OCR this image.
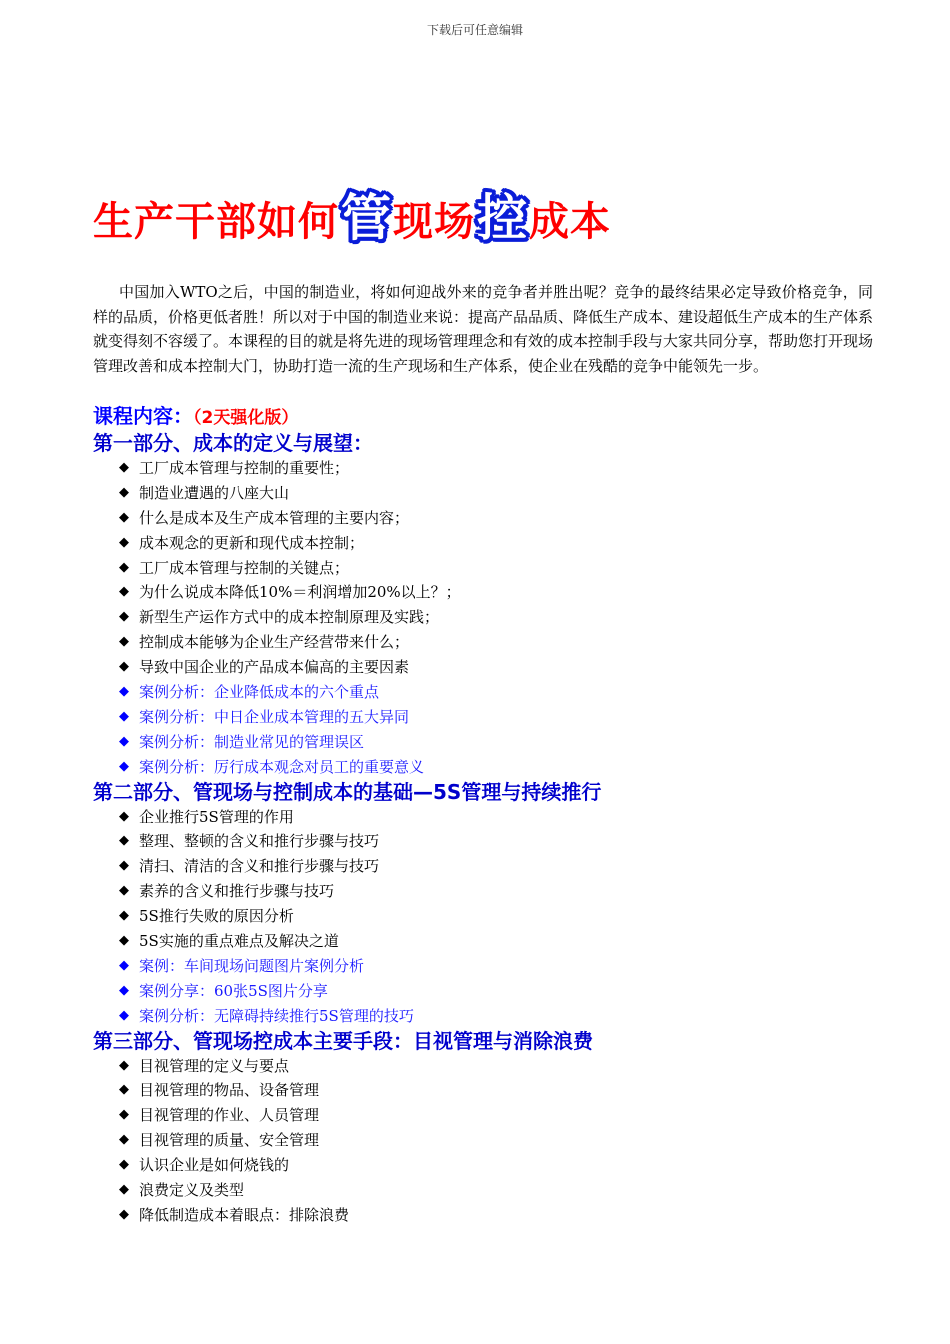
下载后可任意编辑
生产干部如何 管 现场 控 成本

中国加入WTO之后，中国的制造业，将如何迎战外来的竞争者并胜出呢？竞争的最终结果必定导致价格竞争，同样的品质，价格更低者胜！所以对于中国的制造业来说：提高产品品质、降低生产成本、建设超低生产成本的生产体系就变得刻不容缓了。本课程的目的就是将先进的现场管理理念和有效的成本控制手段与大家共同分享，帮助您打开现场管理改善和成本控制大门，协助打造一流的生产现场和生产体系，使企业在残酷的竞争中能领先一步。

课程内容：（2天强化版）
第一部分、成本的定义与展望：
◆ 工厂成本管理与控制的重要性；
◆ 制造业遭遇的八座大山
◆ 什么是成本及生产成本管理的主要内容；
◆ 成本观念的更新和现代成本控制；
◆ 工厂成本管理与控制的关键点；
◆ 为什么说成本降低10%＝利润增加20%以上？；
◆ 新型生产运作方式中的成本控制原理及实践；
◆ 控制成本能够为企业生产经营带来什么；
◆ 导致中国企业的产品成本偏高的主要因素
◆ 案例分析：企业降低成本的六个重点
◆ 案例分析：中日企业成本管理的五大异同
◆ 案例分析：制造业常见的管理误区
◆ 案例分析：厉行成本观念对员工的重要意义
第二部分、管现场与控制成本的基础—5S管理与持续推行
◆ 企业推行5S管理的作用
◆ 整理、整顿的含义和推行步骤与技巧
◆ 清扫、清洁的含义和推行步骤与技巧
◆ 素养的含义和推行步骤与技巧
◆ 5S推行失败的原因分析
◆ 5S实施的重点难点及解决之道
◆ 案例：车间现场问题图片案例分析
◆ 案例分享：60张5S图片分享
◆ 案例分析：无障碍持续推行5S管理的技巧
第三部分、管现场控成本主要手段：目视管理与消除浪费
◆ 目视管理的定义与要点
◆ 目视管理的物品、设备管理
◆ 目视管理的作业、人员管理
◆ 目视管理的质量、安全管理
◆ 认识企业是如何烧钱的
◆ 浪费定义及类型
◆ 降低制造成本着眼点：排除浪费
